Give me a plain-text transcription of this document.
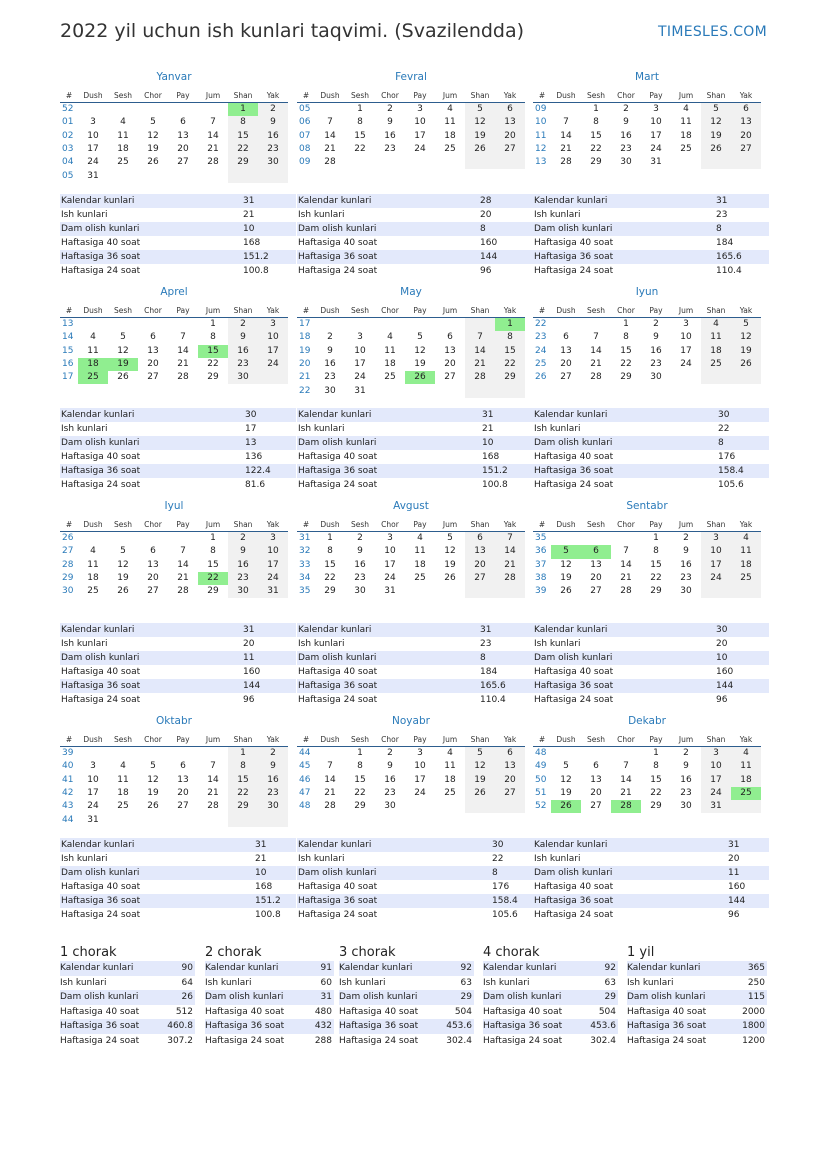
2022 yil uchun ish kunlari taqvimi. (Svazilendda)	TIMESLES.COM
Yanvar
#	Dush	Sesh	Chor	Pay	Jum	Shan	Yak
52						1	2
01	3	4	5	6	7	8	9
02	10	11	12	13	14	15	16
03	17	18	19	20	21	22	23
04	24	25	26	27	28	29	30
05	31						
Kalendar kunlari	31
Ish kunlari	21
Dam olish kunlari	10
Haftasiga 40 soat	168
Haftasiga 36 soat	151.2
Haftasiga 24 soat	100.8
Fevral
#	Dush	Sesh	Chor	Pay	Jum	Shan	Yak
05		1	2	3	4	5	6
06	7	8	9	10	11	12	13
07	14	15	16	17	18	19	20
08	21	22	23	24	25	26	27
09	28						
Kalendar kunlari	28
Ish kunlari	20
Dam olish kunlari	8
Haftasiga 40 soat	160
Haftasiga 36 soat	144
Haftasiga 24 soat	96
Mart
#	Dush	Sesh	Chor	Pay	Jum	Shan	Yak
09		1	2	3	4	5	6
10	7	8	9	10	11	12	13
11	14	15	16	17	18	19	20
12	21	22	23	24	25	26	27
13	28	29	30	31			
Kalendar kunlari	31
Ish kunlari	23
Dam olish kunlari	8
Haftasiga 40 soat	184
Haftasiga 36 soat	165.6
Haftasiga 24 soat	110.4
Aprel
#	Dush	Sesh	Chor	Pay	Jum	Shan	Yak
13					1	2	3
14	4	5	6	7	8	9	10
15	11	12	13	14	15	16	17
16	18	19	20	21	22	23	24
17	25	26	27	28	29	30	
Kalendar kunlari	30
Ish kunlari	17
Dam olish kunlari	13
Haftasiga 40 soat	136
Haftasiga 36 soat	122.4
Haftasiga 24 soat	81.6
May
#	Dush	Sesh	Chor	Pay	Jum	Shan	Yak
17							1
18	2	3	4	5	6	7	8
19	9	10	11	12	13	14	15
20	16	17	18	19	20	21	22
21	23	24	25	26	27	28	29
22	30	31					
Kalendar kunlari	31
Ish kunlari	21
Dam olish kunlari	10
Haftasiga 40 soat	168
Haftasiga 36 soat	151.2
Haftasiga 24 soat	100.8
Iyun
#	Dush	Sesh	Chor	Pay	Jum	Shan	Yak
22			1	2	3	4	5
23	6	7	8	9	10	11	12
24	13	14	15	16	17	18	19
25	20	21	22	23	24	25	26
26	27	28	29	30			
Kalendar kunlari	30
Ish kunlari	22
Dam olish kunlari	8
Haftasiga 40 soat	176
Haftasiga 36 soat	158.4
Haftasiga 24 soat	105.6
Iyul
#	Dush	Sesh	Chor	Pay	Jum	Shan	Yak
26					1	2	3
27	4	5	6	7	8	9	10
28	11	12	13	14	15	16	17
29	18	19	20	21	22	23	24
30	25	26	27	28	29	30	31
Kalendar kunlari	31
Ish kunlari	20
Dam olish kunlari	11
Haftasiga 40 soat	160
Haftasiga 36 soat	144
Haftasiga 24 soat	96
Avgust
#	Dush	Sesh	Chor	Pay	Jum	Shan	Yak
31	1	2	3	4	5	6	7
32	8	9	10	11	12	13	14
33	15	16	17	18	19	20	21
34	22	23	24	25	26	27	28
35	29	30	31				
Kalendar kunlari	31
Ish kunlari	23
Dam olish kunlari	8
Haftasiga 40 soat	184
Haftasiga 36 soat	165.6
Haftasiga 24 soat	110.4
Sentabr
#	Dush	Sesh	Chor	Pay	Jum	Shan	Yak
35				1	2	3	4
36	5	6	7	8	9	10	11
37	12	13	14	15	16	17	18
38	19	20	21	22	23	24	25
39	26	27	28	29	30		
Kalendar kunlari	30
Ish kunlari	20
Dam olish kunlari	10
Haftasiga 40 soat	160
Haftasiga 36 soat	144
Haftasiga 24 soat	96
Oktabr
#	Dush	Sesh	Chor	Pay	Jum	Shan	Yak
39						1	2
40	3	4	5	6	7	8	9
41	10	11	12	13	14	15	16
42	17	18	19	20	21	22	23
43	24	25	26	27	28	29	30
44	31						
Kalendar kunlari	31
Ish kunlari	21
Dam olish kunlari	10
Haftasiga 40 soat	168
Haftasiga 36 soat	151.2
Haftasiga 24 soat	100.8
Noyabr
#	Dush	Sesh	Chor	Pay	Jum	Shan	Yak
44		1	2	3	4	5	6
45	7	8	9	10	11	12	13
46	14	15	16	17	18	19	20
47	21	22	23	24	25	26	27
48	28	29	30				
Kalendar kunlari	30
Ish kunlari	22
Dam olish kunlari	8
Haftasiga 40 soat	176
Haftasiga 36 soat	158.4
Haftasiga 24 soat	105.6
Dekabr
#	Dush	Sesh	Chor	Pay	Jum	Shan	Yak
48				1	2	3	4
49	5	6	7	8	9	10	11
50	12	13	14	15	16	17	18
51	19	20	21	22	23	24	25
52	26	27	28	29	30	31	
Kalendar kunlari	31
Ish kunlari	20
Dam olish kunlari	11
Haftasiga 40 soat	160
Haftasiga 36 soat	144
Haftasiga 24 soat	96
1 chorak
Kalendar kunlari	90
Ish kunlari	64
Dam olish kunlari	26
Haftasiga 40 soat	512
Haftasiga 36 soat	460.8
Haftasiga 24 soat	307.2
2 chorak
Kalendar kunlari	91
Ish kunlari	60
Dam olish kunlari	31
Haftasiga 40 soat	480
Haftasiga 36 soat	432
Haftasiga 24 soat	288
3 chorak
Kalendar kunlari	92
Ish kunlari	63
Dam olish kunlari	29
Haftasiga 40 soat	504
Haftasiga 36 soat	453.6
Haftasiga 24 soat	302.4
4 chorak
Kalendar kunlari	92
Ish kunlari	63
Dam olish kunlari	29
Haftasiga 40 soat	504
Haftasiga 36 soat	453.6
Haftasiga 24 soat	302.4
1 yil
Kalendar kunlari	365
Ish kunlari	250
Dam olish kunlari	115
Haftasiga 40 soat	2000
Haftasiga 36 soat	1800
Haftasiga 24 soat	1200
